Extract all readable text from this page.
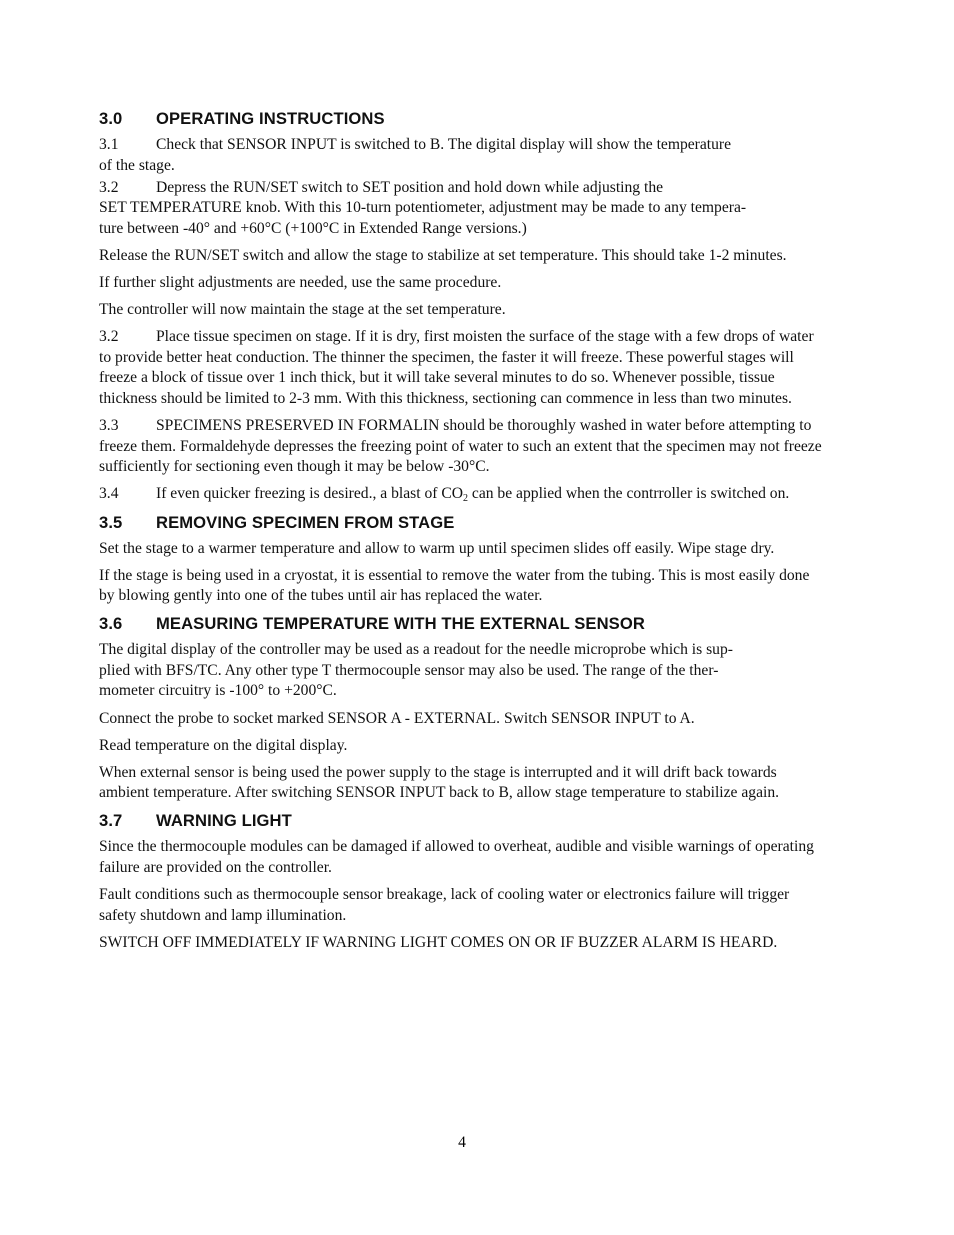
3.0 OPERATING INSTRUCTIONS

3.1 Check that SENSOR INPUT is switched to B. The digital display will show the temperature
of the stage.

3.2 Depress the RUN/SET switch to SET position and hold down while adjusting the
SET TEMPERATURE knob. With this 10-turn potentiometer, adjustment may be made to any tempera-
ture between -40° and +60°C (+100°C in Extended Range versions.)

Release the RUN/SET switch and allow the stage to stabilize at set temperature. This should take 1-2 minutes.

If further slight adjustments are needed, use the same procedure.

The controller will now maintain the stage at the set temperature.

3.2 Place tissue specimen on stage. If it is dry, first moisten the surface of the stage with a few drops of water to provide better heat conduction. The thinner the specimen, the faster it will freeze. These powerful stages will freeze a block of tissue over 1 inch thick, but it will take several minutes to do so. Whenever possible, tissue thickness should be limited to 2-3 mm. With this thickness, sectioning can commence in less than two minutes.

3.3 SPECIMENS PRESERVED IN FORMALIN should be thoroughly washed in water before attempting to freeze them. Formaldehyde depresses the freezing point of water to such an extent that the specimen may not freeze sufficiently for sectioning even though it may be below -30°C.

3.4 If even quicker freezing is desired., a blast of $CO_2$ can be applied when the contrroller is switched on.

3.5 REMOVING SPECIMEN FROM STAGE

Set the stage to a warmer temperature and allow to warm up until specimen slides off easily. Wipe stage dry.

If the stage is being used in a cryostat, it is essential to remove the water from the tubing. This is most easily done by blowing gently into one of the tubes until air has replaced the water.

3.6 MEASURING TEMPERATURE WITH THE EXTERNAL SENSOR

The digital display of the controller may be used as a readout for the needle microprobe which is sup-
plied with BFS/TC. Any other type T thermocouple sensor may also be used. The range of the ther-
mometer circuitry is -100° to +200°C.

Connect the probe to socket marked SENSOR A - EXTERNAL. Switch SENSOR INPUT to A.

Read temperature on the digital display.

When external sensor is being used the power supply to the stage is interrupted and it will drift back towards ambient temperature. After switching SENSOR INPUT back to B, allow stage temperature to stabilize again.

3.7 WARNING LIGHT

Since the thermocouple modules can be damaged if allowed to overheat, audible and visible warnings of operating failure are provided on the controller.

Fault conditions such as thermocouple sensor breakage, lack of cooling water or electronics failure will trigger safety shutdown and lamp illumination.

SWITCH OFF IMMEDIATELY IF WARNING LIGHT COMES ON OR IF BUZZER ALARM IS HEARD.

4
